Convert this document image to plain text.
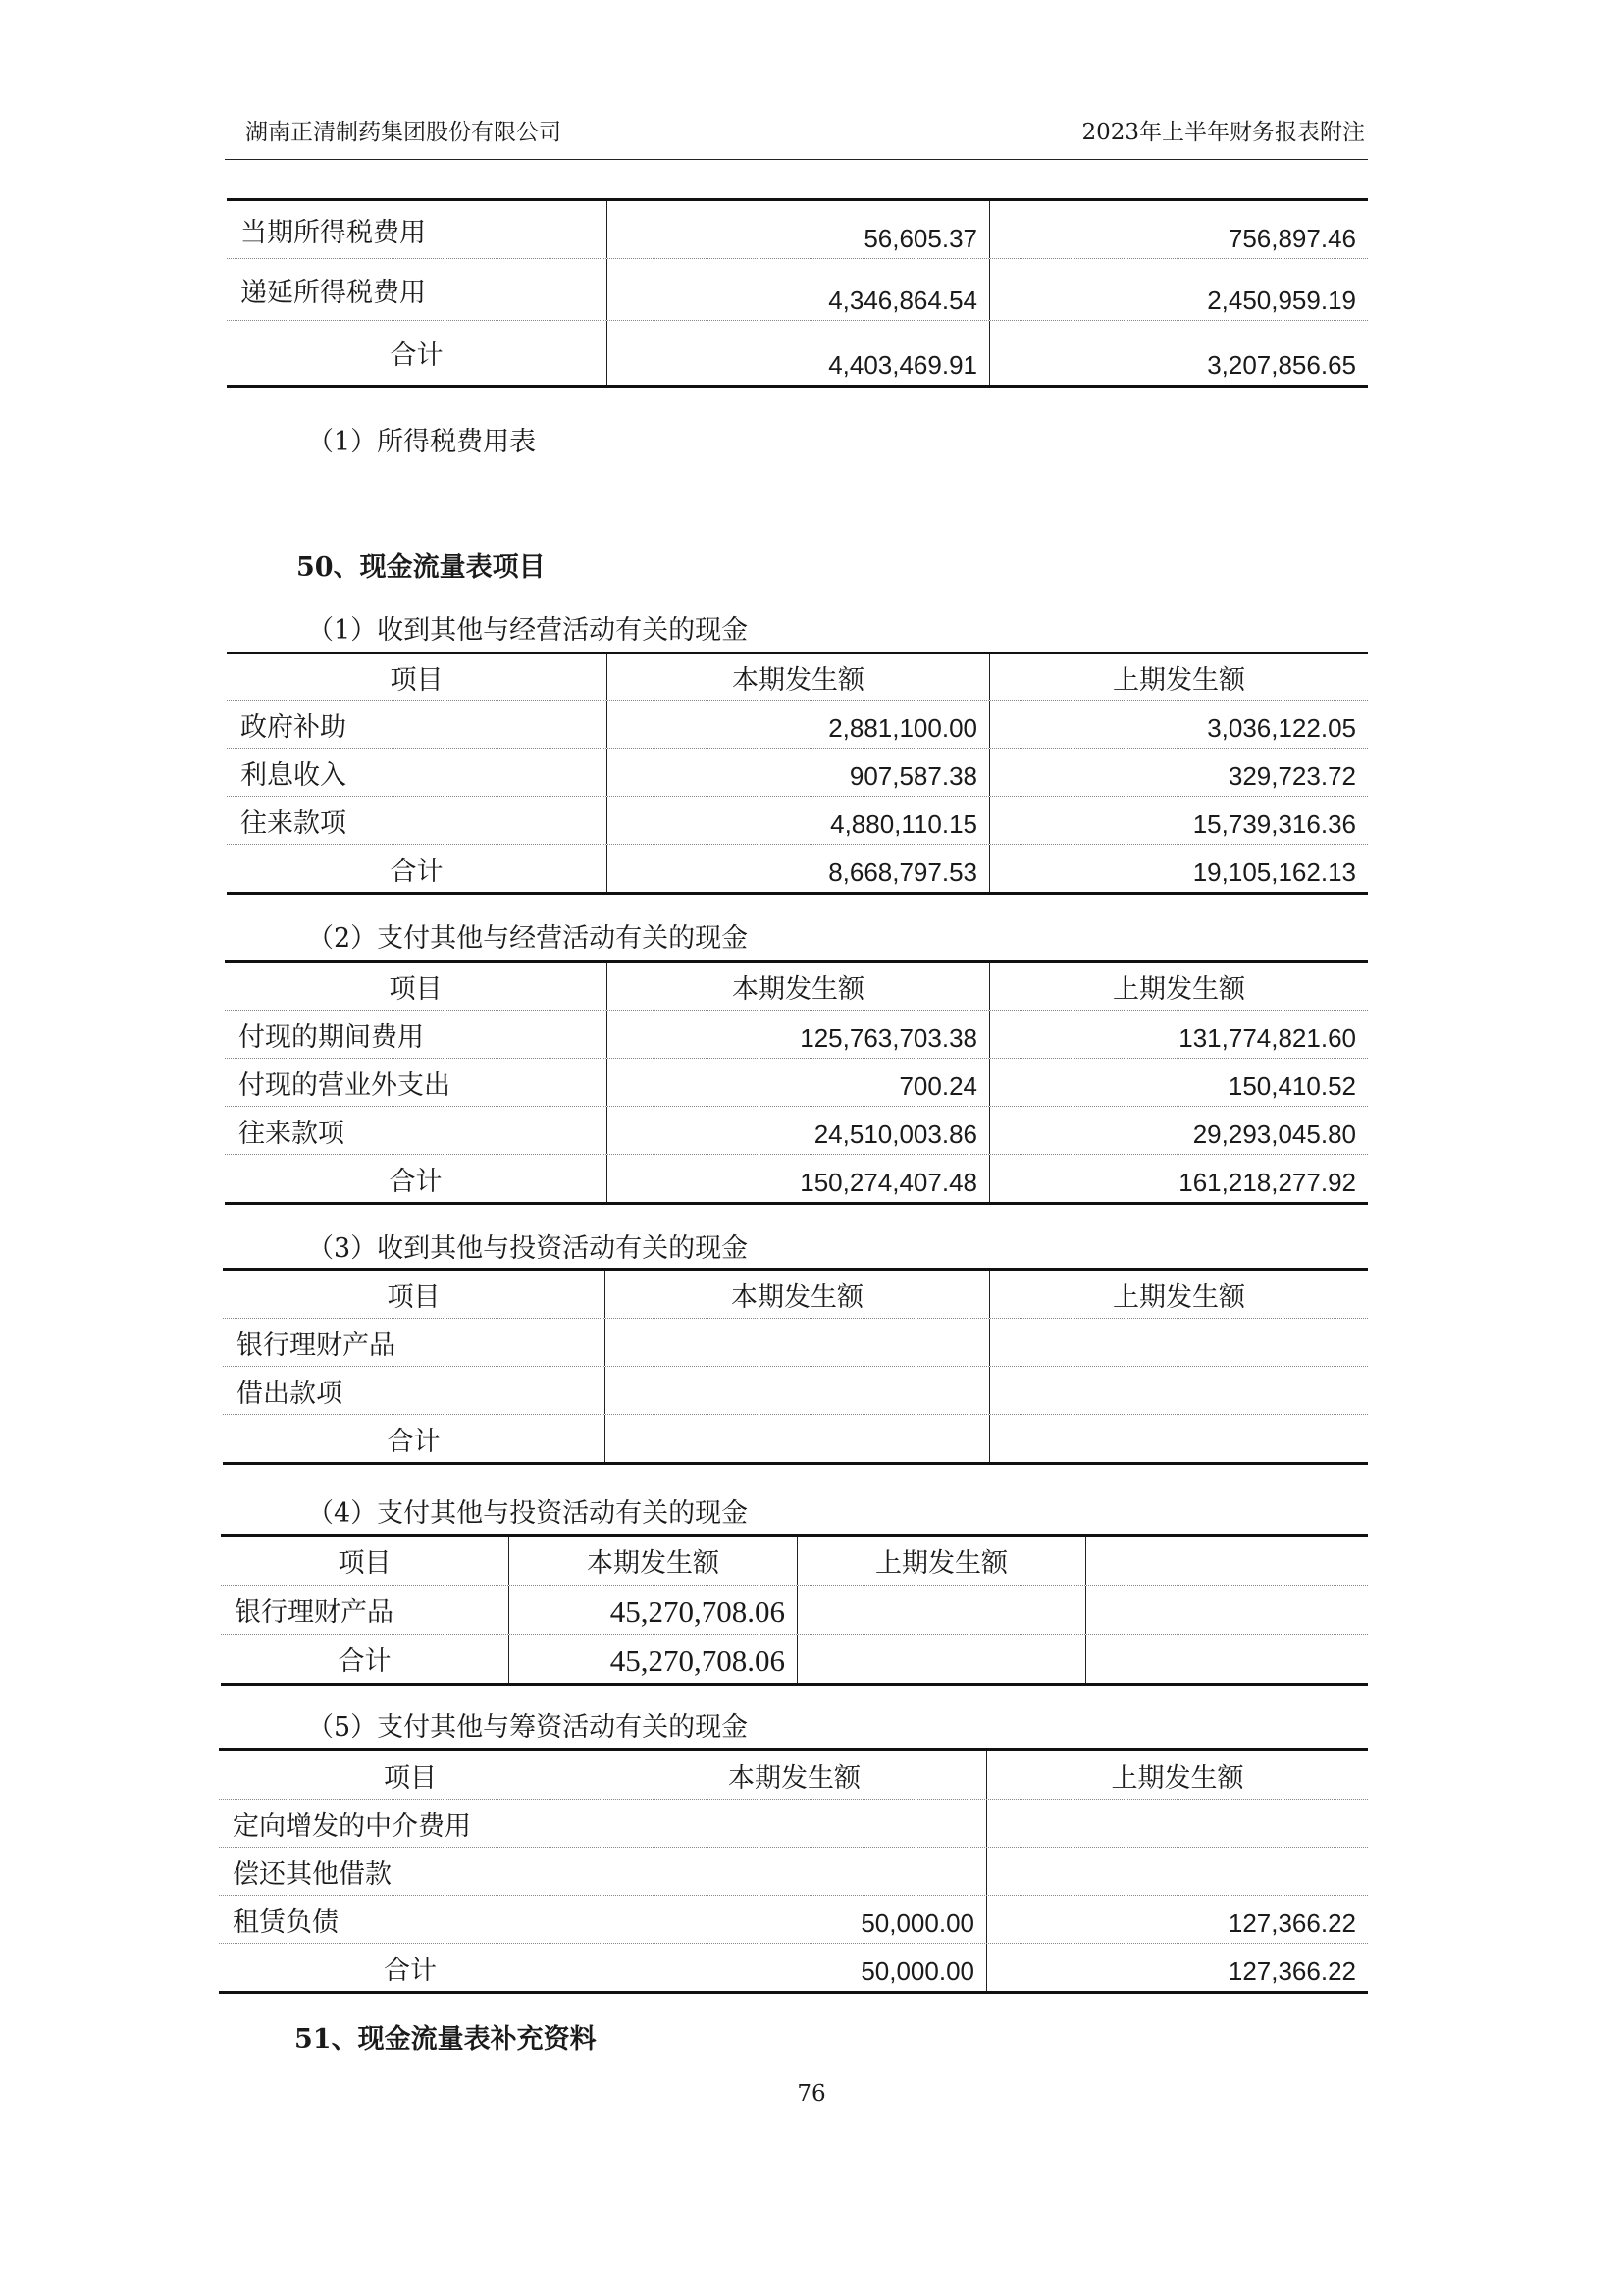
湖南正清制药集团股份有限公司	2023年上半年财务报表附注
当期所得税费用	56,605.37	756,897.46
递延所得税费用	4,346,864.54	2,450,959.19
合计	4,403,469.91	3,207,856.65
（1）所得税费用表
50、现金流量表项目
（1）收到其他与经营活动有关的现金
项目	本期发生额	上期发生额
政府补助	2,881,100.00	3,036,122.05
利息收入	907,587.38	329,723.72
往来款项	4,880,110.15	15,739,316.36
合计	8,668,797.53	19,105,162.13
（2）支付其他与经营活动有关的现金
项目	本期发生额	上期发生额
付现的期间费用	125,763,703.38	131,774,821.60
付现的营业外支出	700.24	150,410.52
往来款项	24,510,003.86	29,293,045.80
合计	150,274,407.48	161,218,277.92
（3）收到其他与投资活动有关的现金
项目	本期发生额	上期发生额
银行理财产品
借出款项
合计
（4）支付其他与投资活动有关的现金
项目	本期发生额	上期发生额
银行理财产品	45,270,708.06
合计	45,270,708.06
（5）支付其他与筹资活动有关的现金
项目	本期发生额	上期发生额
定向增发的中介费用
偿还其他借款
租赁负债	50,000.00	127,366.22
合计	50,000.00	127,366.22
51、现金流量表补充资料
76
